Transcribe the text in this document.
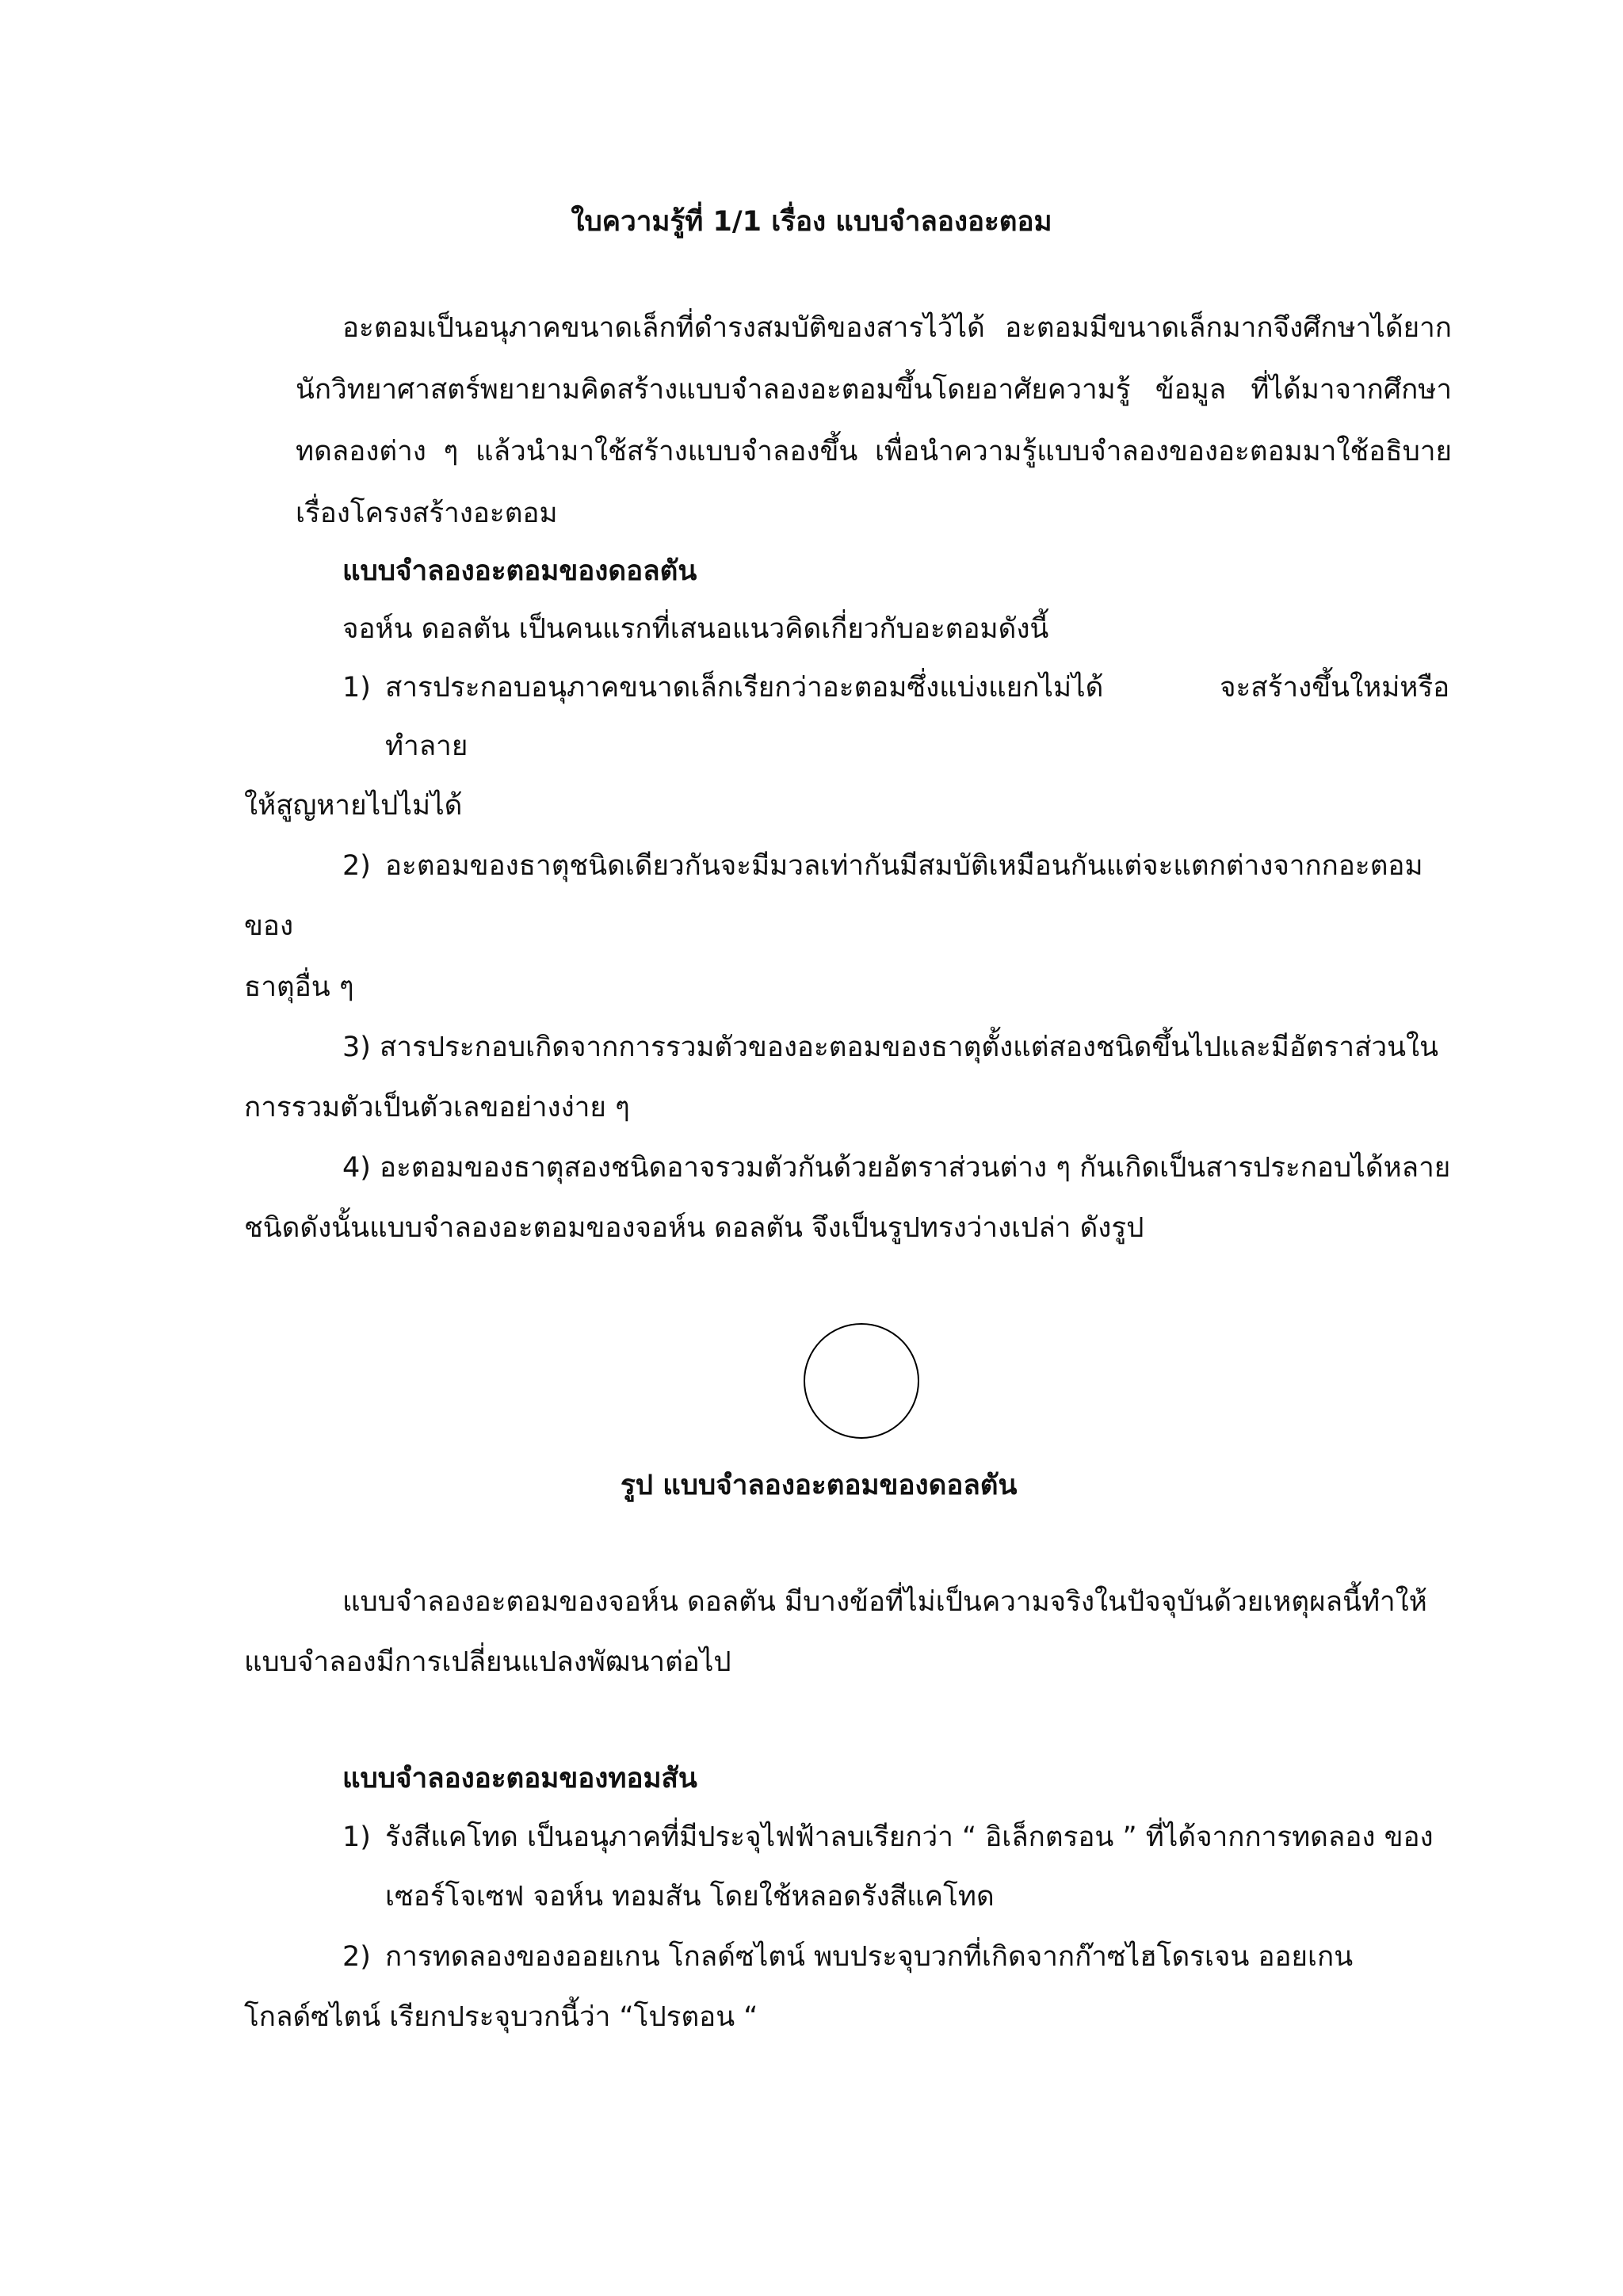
ใบความรู้ที่ 1/1 เรื่อง แบบจำลองอะตอม
อะตอมเป็นอนุภาคขนาดเล็กที่ดำรงสมบัติของสารไว้ได้ อะตอมมีขนาดเล็กมากจึงศึกษาได้ยาก
นักวิทยาศาสตร์พยายามคิดสร้างแบบจำลองอะตอมขึ้นโดยอาศัยความรู้ ข้อมูล ที่ได้มาจากศึกษา
ทดลองต่าง ๆ แล้วนำมาใช้สร้างแบบจำลองขึ้น เพื่อนำความรู้แบบจำลองของอะตอมมาใช้อธิบาย
เรื่องโครงสร้างอะตอม
แบบจำลองอะตอมของดอลตัน
จอห์น ดอลตัน เป็นคนแรกที่เสนอแนวคิดเกี่ยวกับอะตอมดังนี้
1) สารประกอบอนุภาคขนาดเล็กเรียกว่าอะตอมซึ่งแบ่งแยกไม่ได้	จะสร้างขึ้นใหม่หรือ
ทำลาย
ให้สูญหายไปไม่ได้
2) อะตอมของธาตุชนิดเดียวกันจะมีมวลเท่ากันมีสมบัติเหมือนกันแต่จะแตกต่างจากกอะตอม
ของ
ธาตุอื่น ๆ
3) สารประกอบเกิดจากการรวมตัวของอะตอมของธาตุตั้งแต่สองชนิดขึ้นไปและมีอัตราส่วนใน
การรวมตัวเป็นตัวเลขอย่างง่าย ๆ
4) อะตอมของธาตุสองชนิดอาจรวมตัวกันด้วยอัตราส่วนต่าง ๆ กันเกิดเป็นสารประกอบได้หลาย
ชนิดดังนั้นแบบจำลองอะตอมของจอห์น ดอลตัน จึงเป็นรูปทรงว่างเปล่า ดังรูป
รูป แบบจำลองอะตอมของดอลตัน
แบบจำลองอะตอมของจอห์น ดอลตัน มีบางข้อที่ไม่เป็นความจริงในปัจจุบันด้วยเหตุผลนี้ทำให้
แบบจำลองมีการเปลี่ยนแปลงพัฒนาต่อไป
แบบจำลองอะตอมของทอมสัน
1) รังสีแคโทด เป็นอนุภาคที่มีประจุไฟฟ้าลบเรียกว่า “ อิเล็กตรอน ” ที่ได้จากการทดลอง ของ
เซอร์โจเซฟ จอห์น ทอมสัน โดยใช้หลอดรังสีแคโทด
2) การทดลองของออยเกน โกลด์ซไตน์ พบประจุบวกที่เกิดจากก๊าซไฮโดรเจน ออยเกน
โกลด์ซไตน์ เรียกประจุบวกนี้ว่า “โปรตอน “
